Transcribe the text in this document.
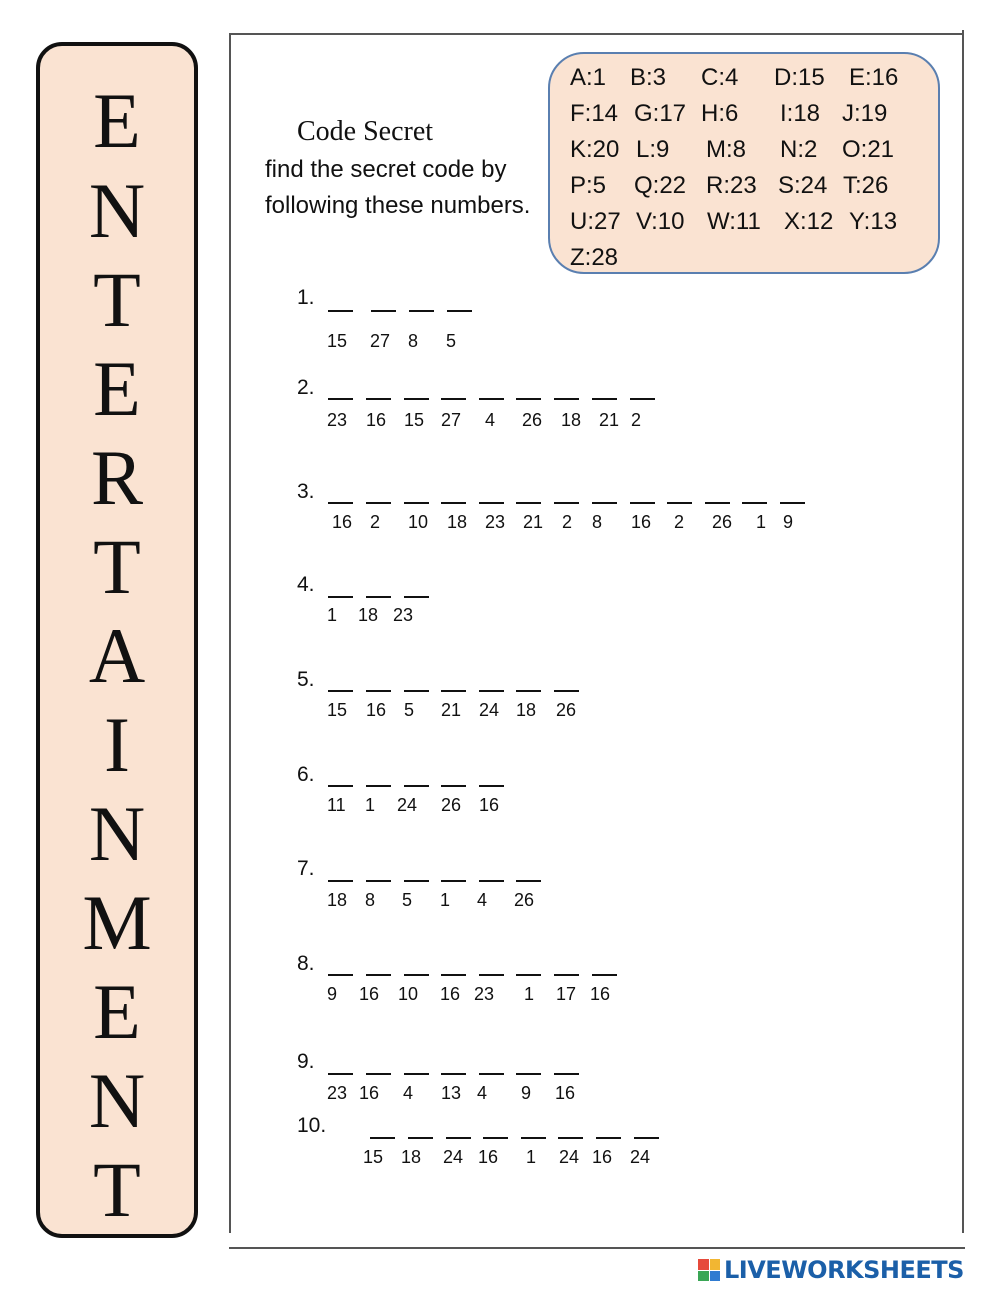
E
N
T
E
R
T
A
I
N
M
E
N
T
Code Secret
find the secret code by following these numbers.
A:1 B:3 C:4 D:15 E:16
F:14 G:17 H:6 I:18 J:19
K:20 L:9 M:8 N:2 O:21
P:5 Q:22 R:23 S:24 T:26
U:27 V:10 W:11 X:12 Y:13
Z:28
1.
15 27 8 5
2.
23 16 15 27 4 26 18 21 2
3.
16 2 10 18 23 21 2 8 16 2 26 1 9
4.
1 18 23
5.
15 16 5 21 24 18 26
6.
11 1 24 26 16
7.
18 8 5 1 4 26
8.
9 16 10 16 23 1 17 16
9.
23 16 4 13 4 9 16
10.
15 18 24 16 1 24 16 24
LIVEWORKSHEETS
